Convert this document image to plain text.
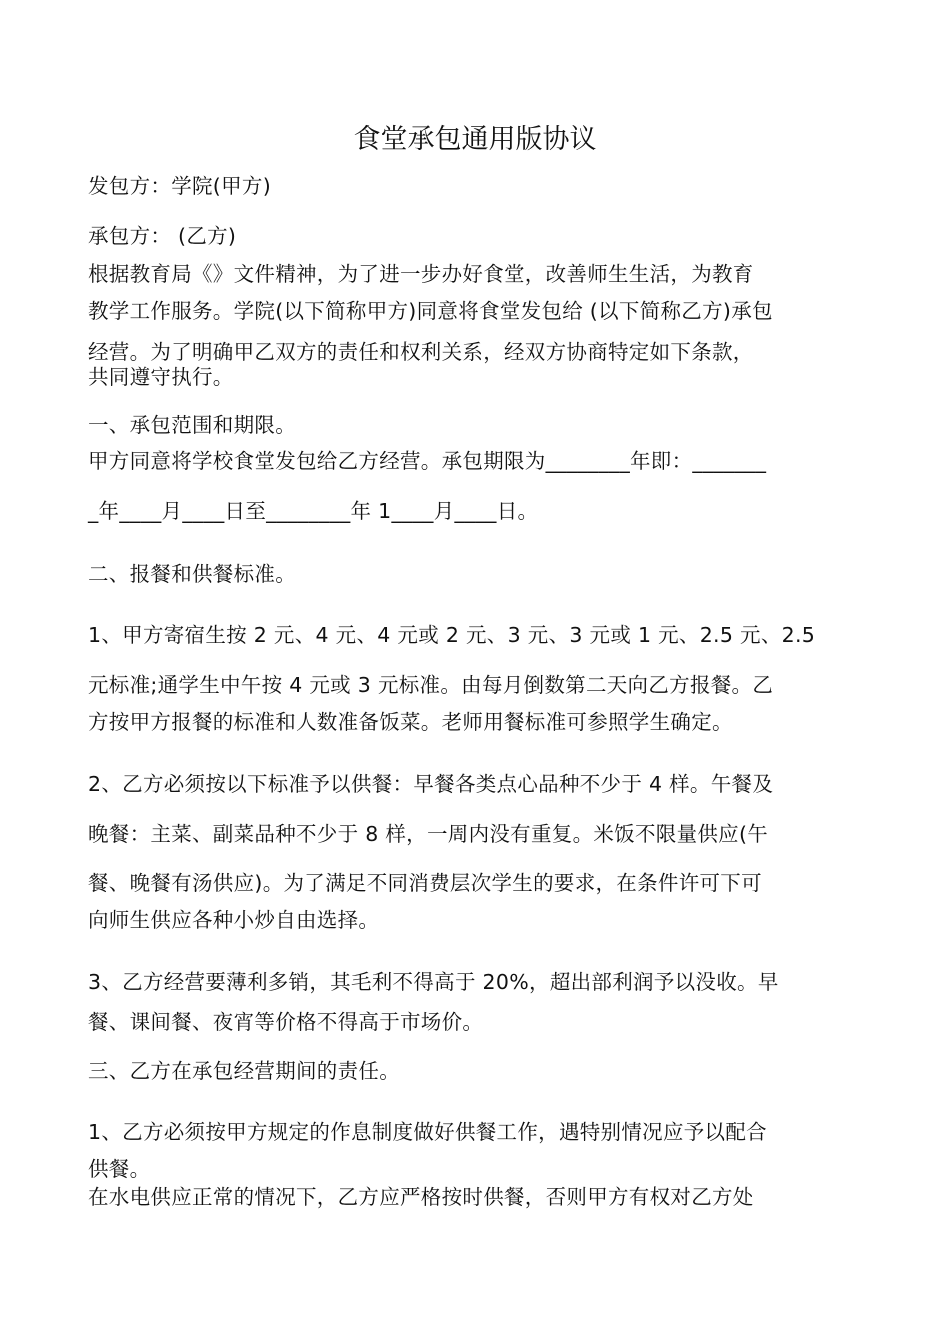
食堂承包通用版协议
发包方：学院(甲方)
承包方： (乙方)
根据教育局《》文件精神，为了进一步办好食堂，改善师生生活，为教育
教学工作服务。学院(以下简称甲方)同意将食堂发包给 (以下简称乙方)承包
经营。为了明确甲乙双方的责任和权利关系，经双方协商特定如下条款，
共同遵守执行。
一、承包范围和期限。
甲方同意将学校食堂发包给乙方经营。承包期限为________年即：_______
_年____月____日至________年 1____月____日。
二、报餐和供餐标准。
1、甲方寄宿生按 2 元、4 元、4 元或 2 元、3 元、3 元或 1 元、2.5 元、2.5
元标准;通学生中午按 4 元或 3 元标准。由每月倒数第二天向乙方报餐。乙
方按甲方报餐的标准和人数准备饭菜。老师用餐标准可参照学生确定。
2、乙方必须按以下标准予以供餐：早餐各类点心品种不少于 4 样。午餐及
晚餐：主菜、副菜品种不少于 8 样，一周内没有重复。米饭不限量供应(午
餐、晚餐有汤供应)。为了满足不同消费层次学生的要求，在条件许可下可
向师生供应各种小炒自由选择。
3、乙方经营要薄利多销，其毛利不得高于 20%，超出部利润予以没收。早
餐、课间餐、夜宵等价格不得高于市场价。
三、乙方在承包经营期间的责任。
1、乙方必须按甲方规定的作息制度做好供餐工作，遇特别情况应予以配合
供餐。
在水电供应正常的情况下，乙方应严格按时供餐，否则甲方有权对乙方处
